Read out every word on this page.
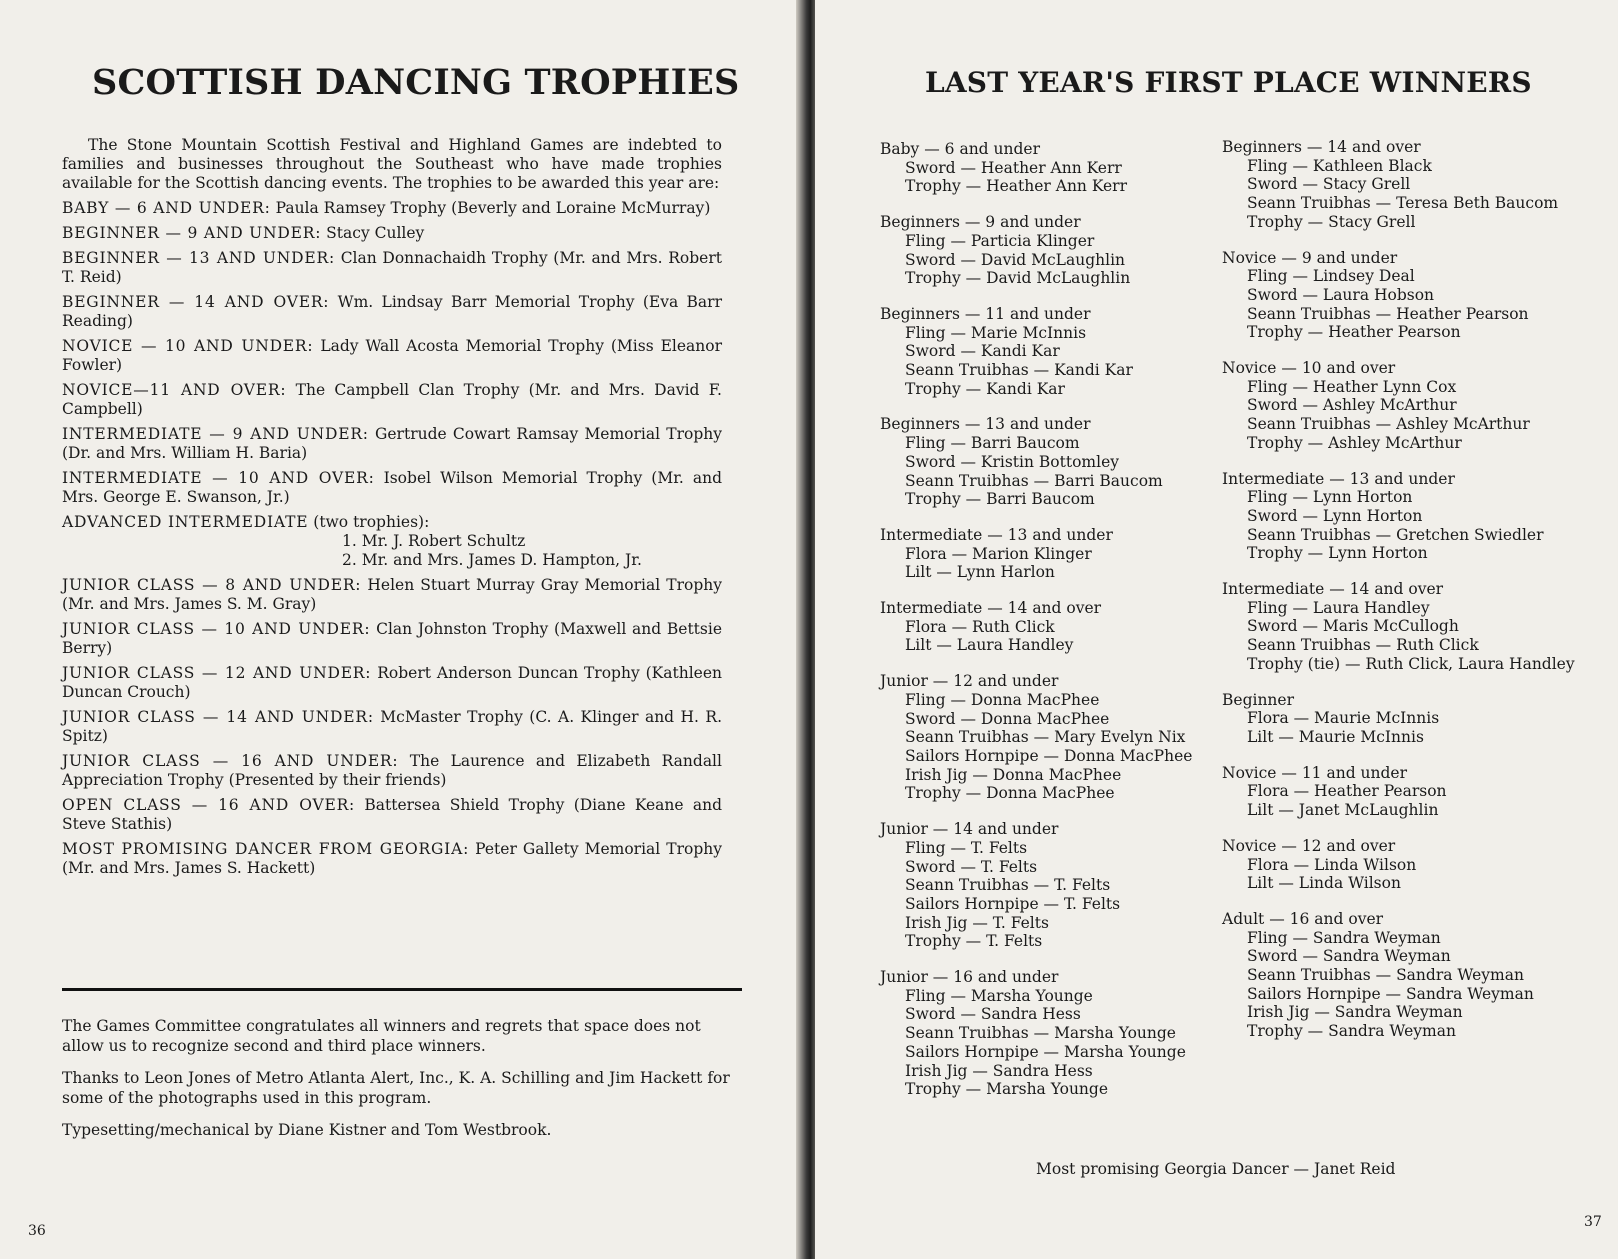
SCOTTISH DANCING TROPHIES

The Stone Mountain Scottish Festival and Highland Games are indebted to families and businesses throughout the Southeast who have made trophies available for the Scottish dancing events. The trophies to be awarded this year are:

BABY — 6 AND UNDER: Paula Ramsey Trophy (Beverly and Loraine McMurray)

BEGINNER — 9 AND UNDER: Stacy Culley

BEGINNER — 13 AND UNDER: Clan Donnachaidh Trophy (Mr. and Mrs. Robert T. Reid)

BEGINNER — 14 AND OVER: Wm. Lindsay Barr Memorial Trophy (Eva Barr Reading)

NOVICE — 10 AND UNDER: Lady Wall Acosta Memorial Trophy (Miss Eleanor Fowler)

NOVICE—11 AND OVER: The Campbell Clan Trophy (Mr. and Mrs. David F. Campbell)

INTERMEDIATE — 9 AND UNDER: Gertrude Cowart Ramsay Memorial Trophy (Dr. and Mrs. William H. Baria)

INTERMEDIATE — 10 AND OVER: Isobel Wilson Memorial Trophy (Mr. and Mrs. George E. Swanson, Jr.)

ADVANCED INTERMEDIATE (two trophies):
1. Mr. J. Robert Schultz
2. Mr. and Mrs. James D. Hampton, Jr.

JUNIOR CLASS — 8 AND UNDER: Helen Stuart Murray Gray Memorial Trophy (Mr. and Mrs. James S. M. Gray)

JUNIOR CLASS — 10 AND UNDER: Clan Johnston Trophy (Maxwell and Bettsie Berry)

JUNIOR CLASS — 12 AND UNDER: Robert Anderson Duncan Trophy (Kathleen Duncan Crouch)

JUNIOR CLASS — 14 AND UNDER: McMaster Trophy (C. A. Klinger and H. R. Spitz)

JUNIOR CLASS — 16 AND UNDER: The Laurence and Elizabeth Randall Appreciation Trophy (Presented by their friends)

OPEN CLASS — 16 AND OVER: Battersea Shield Trophy (Diane Keane and Steve Stathis)

MOST PROMISING DANCER FROM GEORGIA: Peter Gallety Memorial Trophy (Mr. and Mrs. James S. Hackett)

The Games Committee congratulates all winners and regrets that space does not allow us to recognize second and third place winners.

Thanks to Leon Jones of Metro Atlanta Alert, Inc., K. A. Schilling and Jim Hackett for some of the photographs used in this program.

Typesetting/mechanical by Diane Kistner and Tom Westbrook.

36
LAST YEAR'S FIRST PLACE WINNERS
Baby — 6 and under
Sword — Heather Ann Kerr
Trophy — Heather Ann Kerr
Beginners — 9 and under
Fling — Particia Klinger
Sword — David McLaughlin
Trophy — David McLaughlin
Beginners — 11 and under
Fling — Marie McInnis
Sword — Kandi Kar
Seann Truibhas — Kandi Kar
Trophy — Kandi Kar
Beginners — 13 and under
Fling — Barri Baucom
Sword — Kristin Bottomley
Seann Truibhas — Barri Baucom
Trophy — Barri Baucom
Intermediate — 13 and under
Flora — Marion Klinger
Lilt — Lynn Harlon
Intermediate — 14 and over
Flora — Ruth Click
Lilt — Laura Handley
Junior — 12 and under
Fling — Donna MacPhee
Sword — Donna MacPhee
Seann Truibhas — Mary Evelyn Nix
Sailors Hornpipe — Donna MacPhee
Irish Jig — Donna MacPhee
Trophy — Donna MacPhee
Junior — 14 and under
Fling — T. Felts
Sword — T. Felts
Seann Truibhas — T. Felts
Sailors Hornpipe — T. Felts
Irish Jig — T. Felts
Trophy — T. Felts
Junior — 16 and under
Fling — Marsha Younge
Sword — Sandra Hess
Seann Truibhas — Marsha Younge
Sailors Hornpipe — Marsha Younge
Irish Jig — Sandra Hess
Trophy — Marsha Younge
Beginners — 14 and over
Fling — Kathleen Black
Sword — Stacy Grell
Seann Truibhas — Teresa Beth Baucom
Trophy — Stacy Grell
Novice — 9 and under
Fling — Lindsey Deal
Sword — Laura Hobson
Seann Truibhas — Heather Pearson
Trophy — Heather Pearson
Novice — 10 and over
Fling — Heather Lynn Cox
Sword — Ashley McArthur
Seann Truibhas — Ashley McArthur
Trophy — Ashley McArthur
Intermediate — 13 and under
Fling — Lynn Horton
Sword — Lynn Horton
Seann Truibhas — Gretchen Swiedler
Trophy — Lynn Horton
Intermediate — 14 and over
Fling — Laura Handley
Sword — Maris McCullogh
Seann Truibhas — Ruth Click
Trophy (tie) — Ruth Click, Laura Handley
Beginner
Flora — Maurie McInnis
Lilt — Maurie McInnis
Novice — 11 and under
Flora — Heather Pearson
Lilt — Janet McLaughlin
Novice — 12 and over
Flora — Linda Wilson
Lilt — Linda Wilson
Adult — 16 and over
Fling — Sandra Weyman
Sword — Sandra Weyman
Seann Truibhas — Sandra Weyman
Sailors Hornpipe — Sandra Weyman
Irish Jig — Sandra Weyman
Trophy — Sandra Weyman
Most promising Georgia Dancer — Janet Reid
37
